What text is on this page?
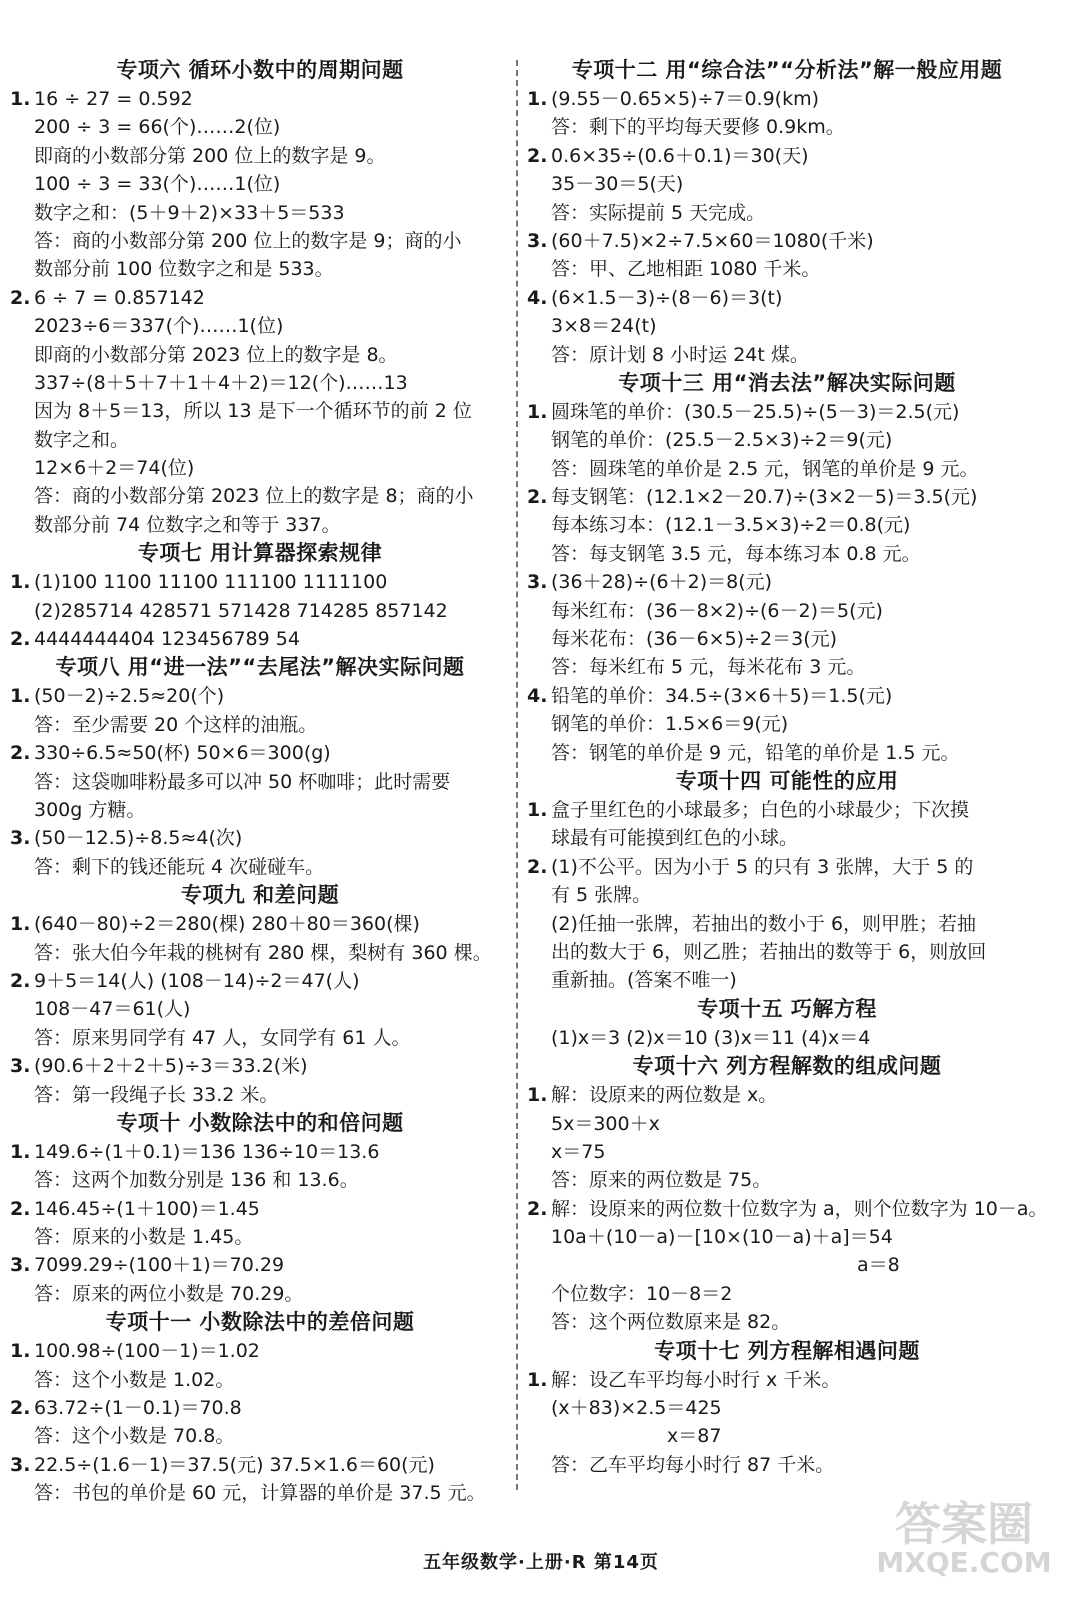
专项六 循环小数中的周期问题
1. 16 ÷ 27 = 0.5̇92̇
200 ÷ 3 = 66(个)……2(位)
即商的小数部分第 200 位上的数字是 9。
100 ÷ 3 = 33(个)……1(位)
数字之和：(5＋9＋2)×33＋5＝533
答：商的小数部分第 200 位上的数字是 9；商的小
数部分前 100 位数字之和是 533。
2. 6 ÷ 7 = 0.8̇57142̇
2023÷6＝337(个)……1(位)
即商的小数部分第 2023 位上的数字是 8。
337÷(8＋5＋7＋1＋4＋2)＝12(个)……13
因为 8＋5＝13，所以 13 是下一个循环节的前 2 位
数字之和。
12×6＋2＝74(位)
答：商的小数部分第 2023 位上的数字是 8；商的小
数部分前 74 位数字之和等于 337。
专项七 用计算器探索规律
1. (1)100 1100 11100 111100 1111100
(2)285714 428571 571428 714285 857142
2. 4444444404 123456789 54
专项八 用“进一法”“去尾法”解决实际问题
1. (50－2)÷2.5≈20(个)
答：至少需要 20 个这样的油瓶。
2. 330÷6.5≈50(杯) 50×6＝300(g)
答：这袋咖啡粉最多可以冲 50 杯咖啡；此时需要
300g 方糖。
3. (50－12.5)÷8.5≈4(次)
答：剩下的钱还能玩 4 次碰碰车。
专项九 和差问题
1. (640－80)÷2＝280(棵) 280＋80＝360(棵)
答：张大伯今年栽的桃树有 280 棵，梨树有 360 棵。
2. 9＋5＝14(人) (108－14)÷2＝47(人)
108－47＝61(人)
答：原来男同学有 47 人，女同学有 61 人。
3. (90.6＋2＋2＋5)÷3＝33.2(米)
答：第一段绳子长 33.2 米。
专项十 小数除法中的和倍问题
1. 149.6÷(1＋0.1)＝136 136÷10＝13.6
答：这两个加数分别是 136 和 13.6。
2. 146.45÷(1＋100)＝1.45
答：原来的小数是 1.45。
3. 7099.29÷(100＋1)＝70.29
答：原来的两位小数是 70.29。
专项十一 小数除法中的差倍问题
1. 100.98÷(100－1)＝1.02
答：这个小数是 1.02。
2. 63.72÷(1－0.1)＝70.8
答：这个小数是 70.8。
3. 22.5÷(1.6－1)＝37.5(元) 37.5×1.6＝60(元)
答：书包的单价是 60 元，计算器的单价是 37.5 元。
专项十二 用“综合法”“分析法”解一般应用题
1. (9.55－0.65×5)÷7＝0.9(km)
答：剩下的平均每天要修 0.9km。
2. 0.6×35÷(0.6＋0.1)＝30(天)
35－30＝5(天)
答：实际提前 5 天完成。
3. (60＋7.5)×2÷7.5×60＝1080(千米)
答：甲、乙地相距 1080 千米。
4. (6×1.5－3)÷(8－6)＝3(t)
3×8＝24(t)
答：原计划 8 小时运 24t 煤。
专项十三 用“消去法”解决实际问题
1. 圆珠笔的单价：(30.5－25.5)÷(5－3)＝2.5(元)
钢笔的单价：(25.5－2.5×3)÷2＝9(元)
答：圆珠笔的单价是 2.5 元，钢笔的单价是 9 元。
2. 每支钢笔：(12.1×2－20.7)÷(3×2－5)＝3.5(元)
每本练习本：(12.1－3.5×3)÷2＝0.8(元)
答：每支钢笔 3.5 元，每本练习本 0.8 元。
3. (36＋28)÷(6＋2)＝8(元)
每米红布：(36－8×2)÷(6－2)＝5(元)
每米花布：(36－6×5)÷2＝3(元)
答：每米红布 5 元，每米花布 3 元。
4. 铅笔的单价：34.5÷(3×6＋5)＝1.5(元)
钢笔的单价：1.5×6＝9(元)
答：钢笔的单价是 9 元，铅笔的单价是 1.5 元。
专项十四 可能性的应用
1. 盒子里红色的小球最多；白色的小球最少；下次摸
球最有可能摸到红色的小球。
2. (1)不公平。因为小于 5 的只有 3 张牌，大于 5 的
有 5 张牌。
(2)任抽一张牌，若抽出的数小于 6，则甲胜；若抽
出的数大于 6，则乙胜；若抽出的数等于 6，则放回
重新抽。(答案不唯一)
专项十五 巧解方程
(1)x＝3 (2)x＝10 (3)x＝11 (4)x＝4
专项十六 列方程解数的组成问题
1. 解：设原来的两位数是 x。
5x＝300＋x
x＝75
答：原来的两位数是 75。
2. 解：设原来的两位数十位数字为 a，则个位数字为 10－a。
10a＋(10－a)－[10×(10－a)＋a]＝54
a＝8
个位数字：10－8＝2
答：这个两位数原来是 82。
专项十七 列方程解相遇问题
1. 解：设乙车平均每小时行 x 千米。
(x＋83)×2.5＝425
x＝87
答：乙车平均每小时行 87 千米。
五年级数学·上册·R 第14页
答案圈
MXQE.COM
